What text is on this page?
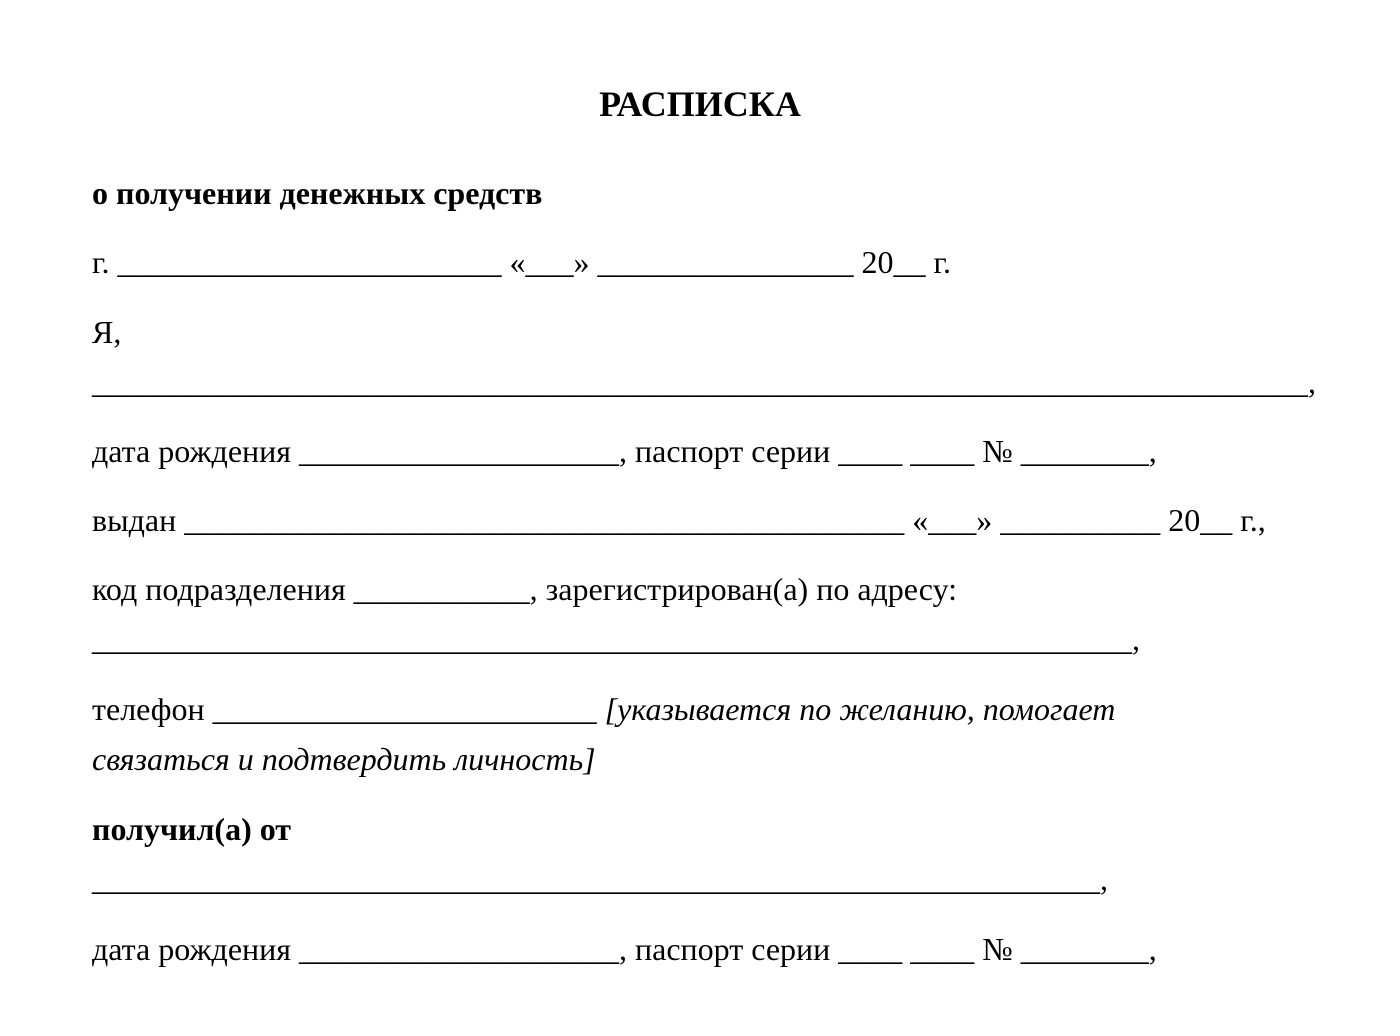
РАСПИСКА

о получении денежных средств

г. ________________________ «___» ________________ 20__ г.

Я,

____________________________________________________________________________,

дата рождения ____________________, паспорт серии ____ ____ № ________,

выдан _____________________________________________ «___» __________ 20__ г.,

код подразделения ___________, зарегистрирован(а) по адресу:

_________________________________________________________________,

телефон ________________________ [указывается по желанию, помогает

связаться и подтвердить личность]

получил(а) от

_______________________________________________________________,

дата рождения ____________________, паспорт серии ____ ____ № ________,
